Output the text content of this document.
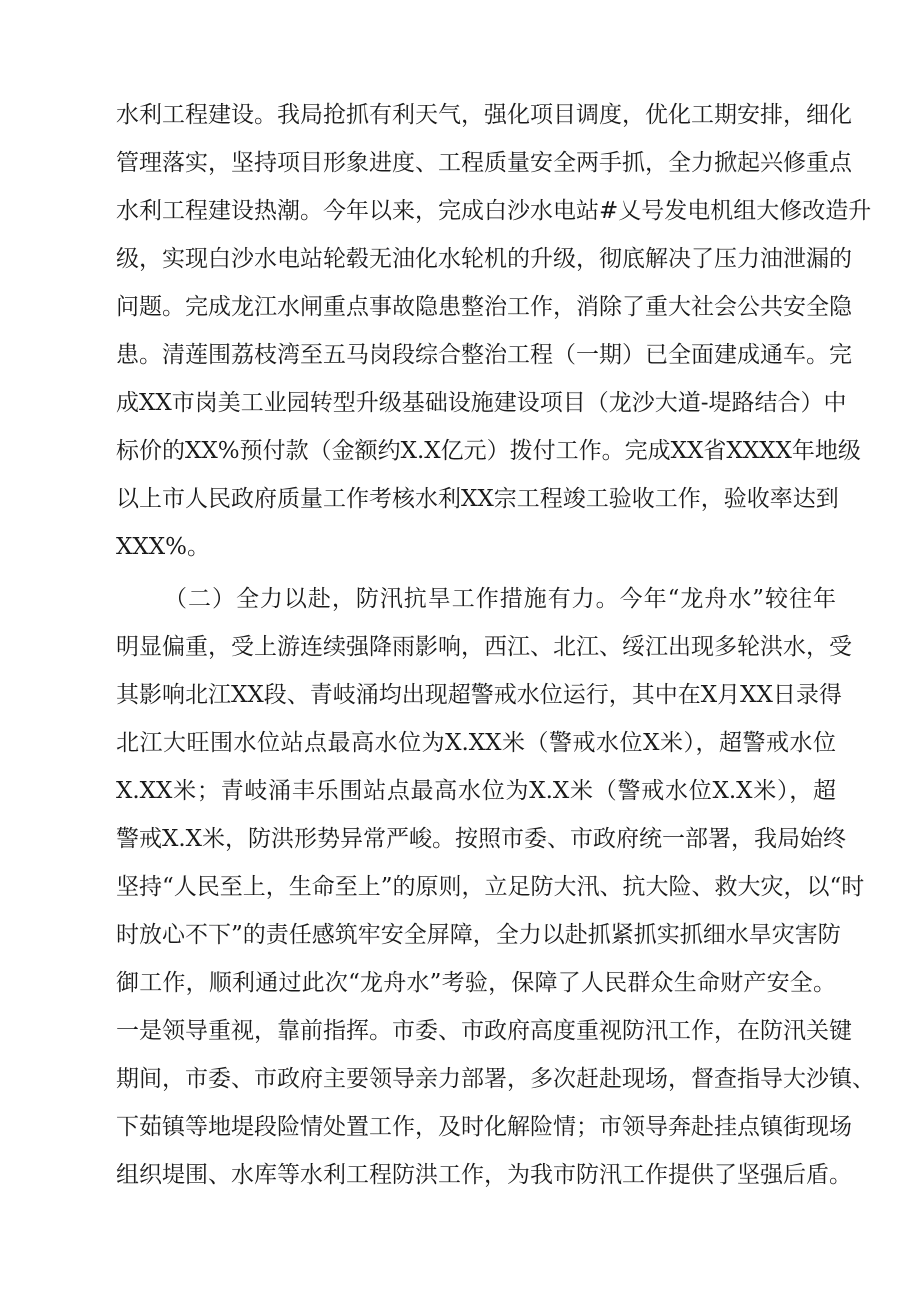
水利工程建设。我局抢抓有利天气，强化项目调度，优化工期安排，细化
管理落实，坚持项目形象进度、工程质量安全两手抓，全力掀起兴修重点
水利工程建设热潮。今年以来，完成白沙水电站#乂号发电机组大修改造升
级，实现白沙水电站轮毂无油化水轮机的升级，彻底解决了压力油泄漏的
问题。完成龙江水闸重点事故隐患整治工作，消除了重大社会公共安全隐
患。清莲围荔枝湾至五马岗段综合整治工程（一期）已全面建成通车。完
成XX市岗美工业园转型升级基础设施建设项目（龙沙大道-堤路结合）中
标价的XX%预付款（金额约X.X亿元）拨付工作。完成XX省XXXX年地级
以上市人民政府质量工作考核水利XX宗工程竣工验收工作，验收率达到
XXX%。
（二）全力以赴，防汛抗旱工作措施有力。今年“龙舟水”较往年
明显偏重，受上游连续强降雨影响，西江、北江、绥江出现多轮洪水，受
其影响北江XX段、青岐涌均出现超警戒水位运行，其中在X月XX日录得
北江大旺围水位站点最高水位为X.XX米（警戒水位X米），超警戒水位
X.XX米；青岐涌丰乐围站点最高水位为X.X米（警戒水位X.X米），超
警戒X.X米，防洪形势异常严峻。按照市委、市政府统一部署，我局始终
坚持“人民至上，生命至上”的原则，立足防大汛、抗大险、救大灾，以“时
时放心不下”的责任感筑牢安全屏障，全力以赴抓紧抓实抓细水旱灾害防
御工作，顺利通过此次“龙舟水”考验，保障了人民群众生命财产安全。
一是领导重视，靠前指挥。市委、市政府高度重视防汛工作，在防汛关键
期间，市委、市政府主要领导亲力部署，多次赶赴现场，督查指导大沙镇、
下茹镇等地堤段险情处置工作，及时化解险情；市领导奔赴挂点镇街现场
组织堤围、水库等水利工程防洪工作，为我市防汛工作提供了坚强后盾。
